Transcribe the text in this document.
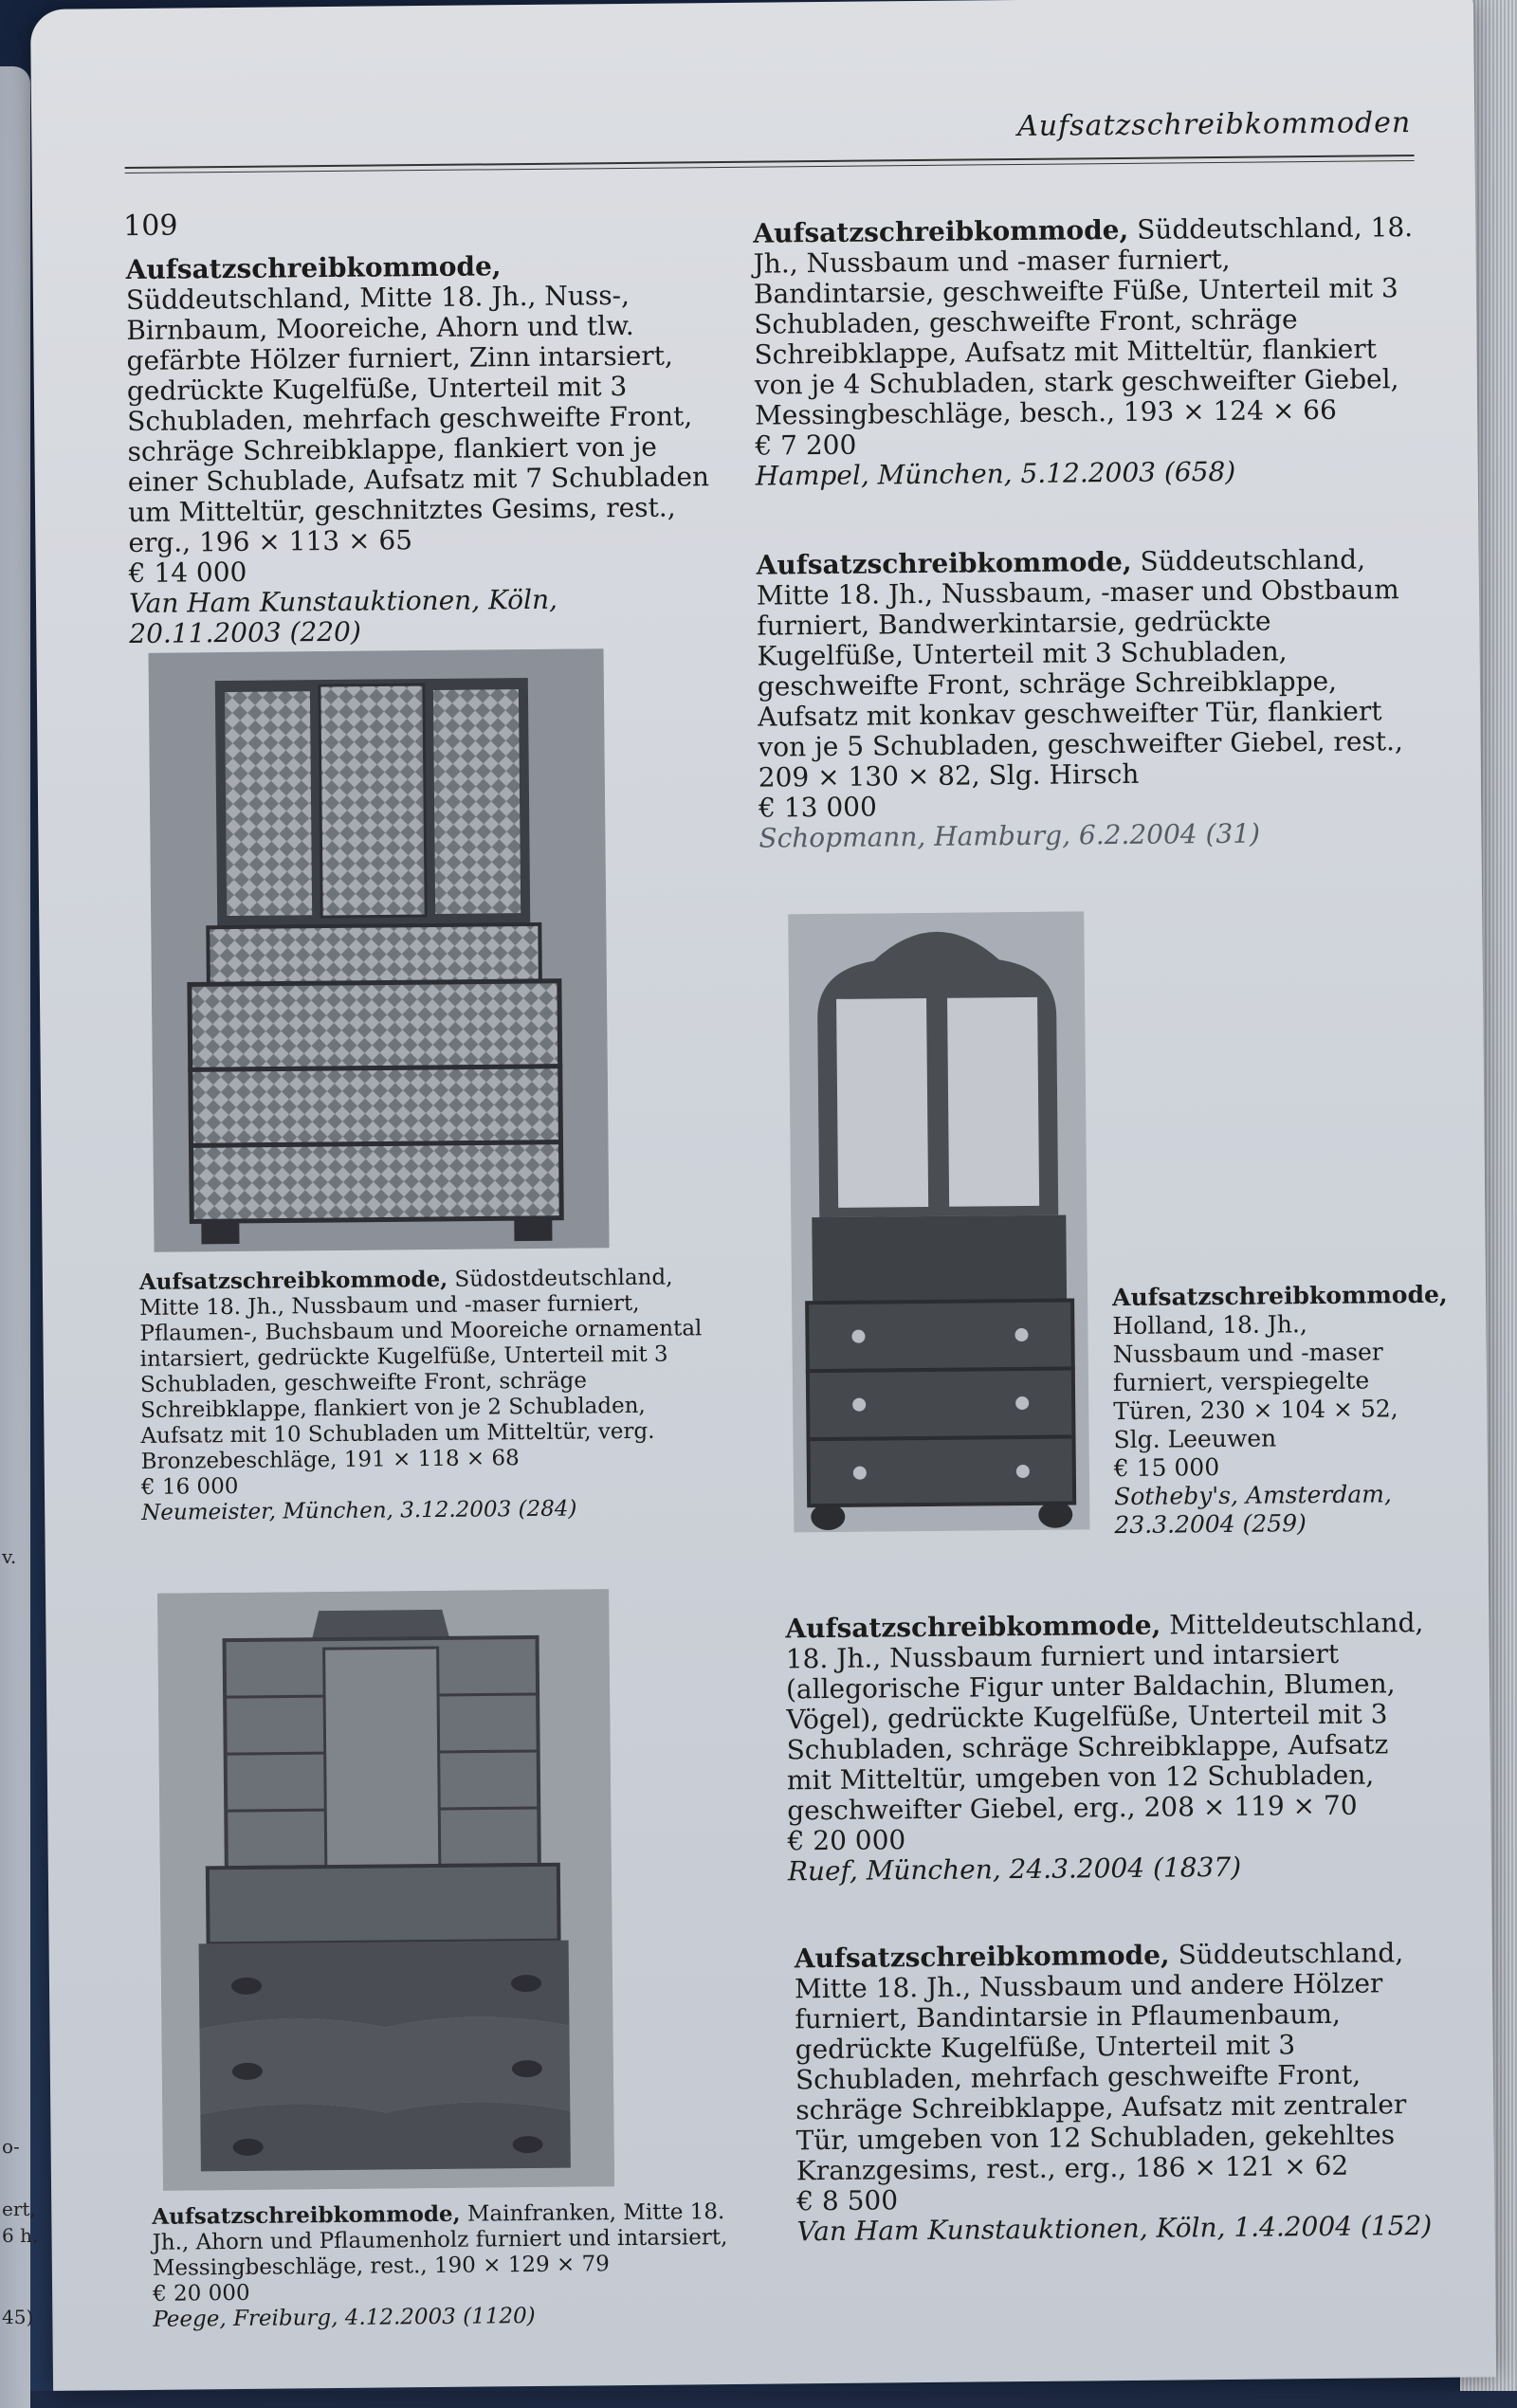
v.
o-
ert,
6 h.
45)
Aufsatzschreibkommoden
109
Aufsatzschreibkommode, Süddeutschland, Mitte 18. Jh., Nuss-, Birnbaum, Mooreiche, Ahorn und tlw. gefärbte Hölzer furniert, Zinn intarsiert, gedrückte Kugelfüße, Unterteil mit 3 Schubladen, mehrfach geschweifte Front, schräge Schreibklappe, flankiert von je einer Schublade, Aufsatz mit 7 Schubladen um Mitteltür, geschnitztes Gesims, rest., erg., 196 × 113 × 65
€ 14 000
Van Ham Kunstauktionen, Köln, 20.11.2003 (220)
Aufsatzschreibkommode, Süddeutschland, 18. Jh., Nussbaum und -maser furniert, Bandintarsie, geschweifte Füße, Unterteil mit 3 Schubladen, geschweifte Front, schräge Schreibklappe, Aufsatz mit Mitteltür, flankiert von je 4 Schubladen, stark geschweifter Giebel, Messingbeschläge, besch., 193 × 124 × 66
€ 7 200
Hampel, München, 5.12.2003 (658)
Aufsatzschreibkommode, Süddeutschland, Mitte 18. Jh., Nussbaum, -maser und Obstbaum furniert, Bandwerkintarsie, gedrückte Kugelfüße, Unterteil mit 3 Schubladen, geschweifte Front, schräge Schreibklappe, Aufsatz mit konkav geschweifter Tür, flankiert von je 5 Schubladen, geschweifter Giebel, rest., 209 × 130 × 82, Slg. Hirsch
€ 13 000
Schopmann, Hamburg, 6.2.2004 (31)
Aufsatzschreibkommode, Südostdeutschland, Mitte 18. Jh., Nussbaum und -maser furniert, Pflaumen-, Buchsbaum und Mooreiche ornamental intarsiert, gedrückte Kugelfüße, Unterteil mit 3 Schubladen, geschweifte Front, schräge Schreibklappe, flankiert von je 2 Schubladen, Aufsatz mit 10 Schubladen um Mitteltür, verg. Bronzebeschläge, 191 × 118 × 68
€ 16 000
Neumeister, München, 3.12.2003 (284)
Aufsatzschreibkommode, Holland, 18. Jh., Nussbaum und -maser furniert, verspiegelte Türen, 230 × 104 × 52, Slg. Leeuwen
€ 15 000
Sotheby's, Amsterdam, 23.3.2004 (259)
Aufsatzschreibkommode, Mitteldeutschland, 18. Jh., Nussbaum furniert und intarsiert (allegorische Figur unter Baldachin, Blumen, Vögel), gedrückte Kugelfüße, Unterteil mit 3 Schubladen, schräge Schreibklappe, Aufsatz mit Mitteltür, umgeben von 12 Schubladen, geschweifter Giebel, erg., 208 × 119 × 70
€ 20 000
Ruef, München, 24.3.2004 (1837)
Aufsatzschreibkommode, Mainfranken, Mitte 18. Jh., Ahorn und Pflaumenholz furniert und intarsiert, Messingbeschläge, rest., 190 × 129 × 79
€ 20 000
Peege, Freiburg, 4.12.2003 (1120)
Aufsatzschreibkommode, Süddeutschland, Mitte 18. Jh., Nussbaum und andere Hölzer furniert, Bandintarsie in Pflaumenbaum, gedrückte Kugelfüße, Unterteil mit 3 Schubladen, mehrfach geschweifte Front, schräge Schreibklappe, Aufsatz mit zentraler Tür, umgeben von 12 Schubladen, gekehltes Kranzgesims, rest., erg., 186 × 121 × 62
€ 8 500
Van Ham Kunstauktionen, Köln, 1.4.2004 (152)
